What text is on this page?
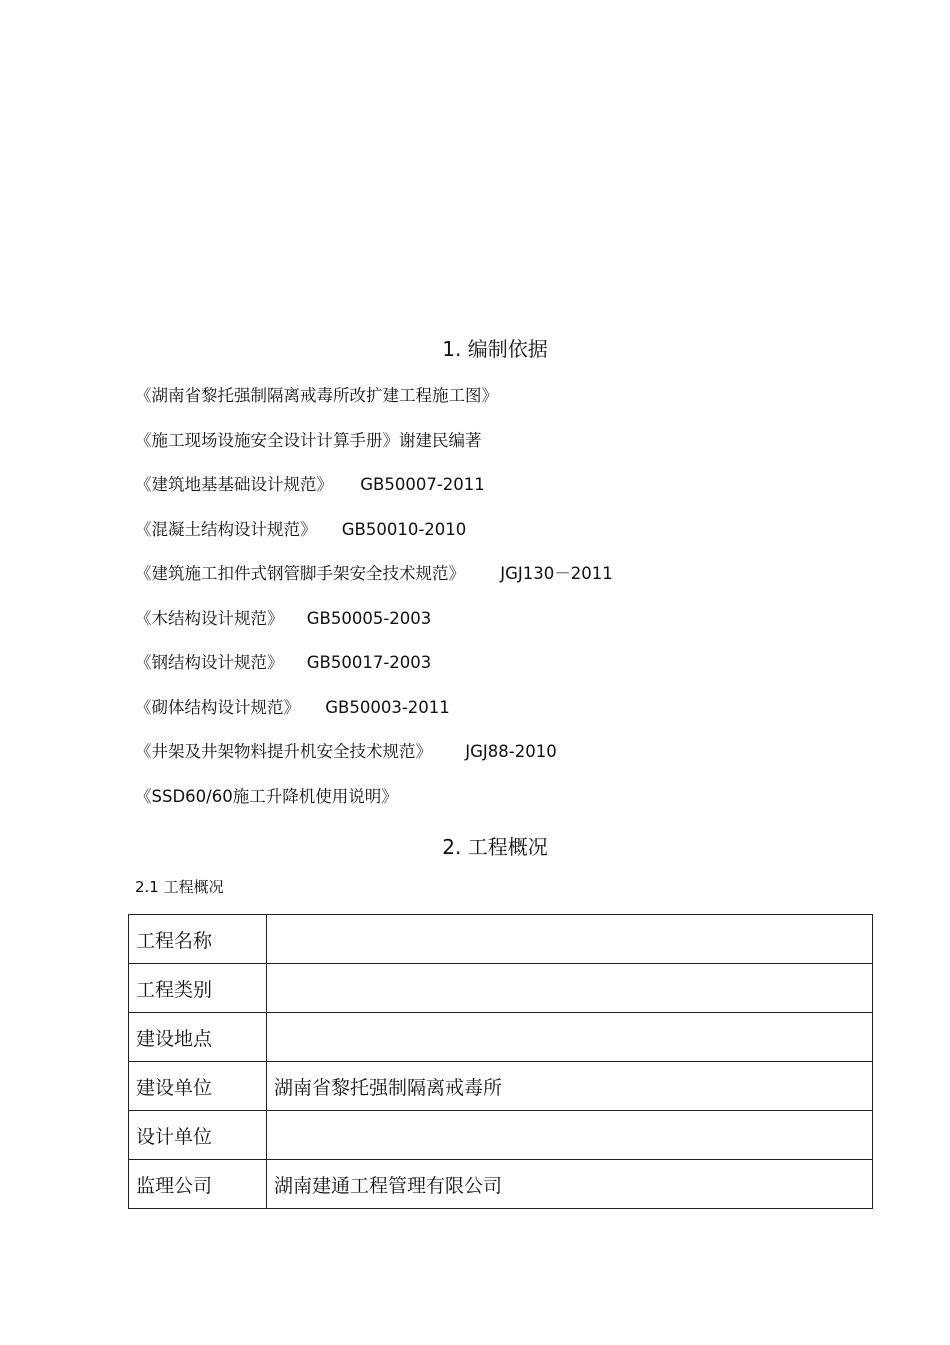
1. 编制依据
《湖南省黎托强制隔离戒毒所改扩建工程施工图》
《施工现场设施安全设计计算手册》谢建民编著
《建筑地基基础设计规范》 GB50007-2011
《混凝土结构设计规范》 GB50010-2010
《建筑施工扣件式钢管脚手架安全技术规范》 JGJ130－2011
《木结构设计规范》 GB50005-2003
《钢结构设计规范》 GB50017-2003
《砌体结构设计规范》 GB50003-2011
《井架及井架物料提升机安全技术规范》 JGJ88-2010
《SSD60/60施工升降机使用说明》
2. 工程概况

2.1 工程概况

工程名称	
工程类别	
建设地点	
建设单位	湖南省黎托强制隔离戒毒所
设计单位	
监理公司	湖南建通工程管理有限公司
